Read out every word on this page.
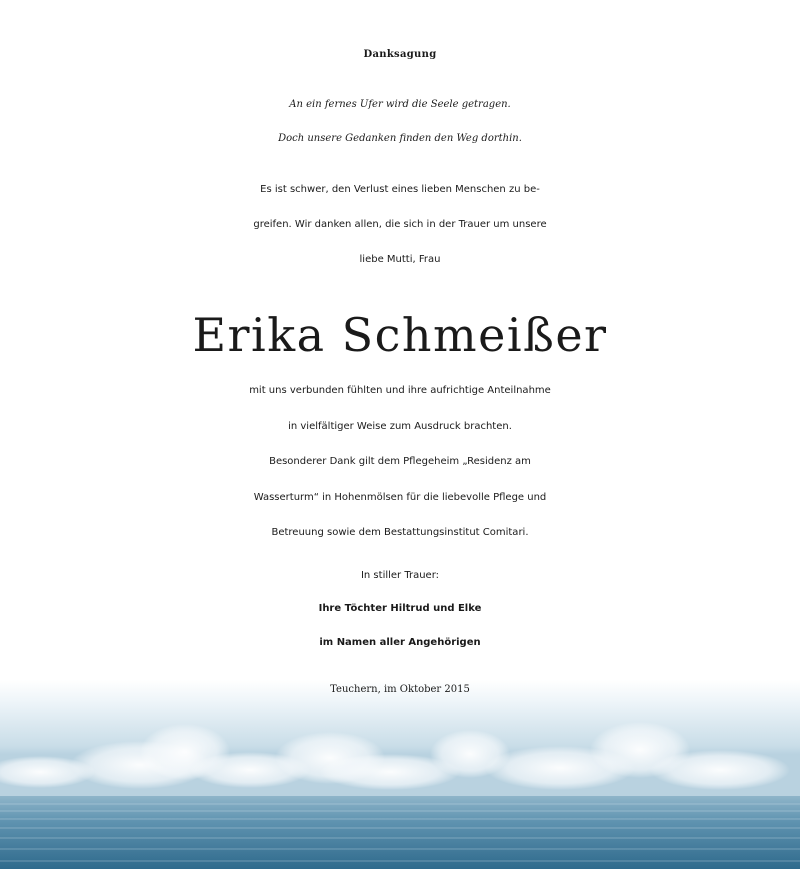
Danksagung
An ein fernes Ufer wird die Seele getragen.
Doch unsere Gedanken finden den Weg dorthin.
Es ist schwer, den Verlust eines lieben Menschen zu be-
greifen. Wir danken allen, die sich in der Trauer um unsere
liebe Mutti, Frau
Erika Schmeißer
mit uns verbunden fühlten und ihre aufrichtige Anteilnahme
in vielfältiger Weise zum Ausdruck brachten.
Besonderer Dank gilt dem Pflegeheim „Residenz am
Wasserturm“ in Hohenmölsen für die liebevolle Pflege und
Betreuung sowie dem Bestattungsinstitut Comitari.
In stiller Trauer:
Ihre Töchter Hiltrud und Elke
im Namen aller Angehörigen
Teuchern, im Oktober 2015
